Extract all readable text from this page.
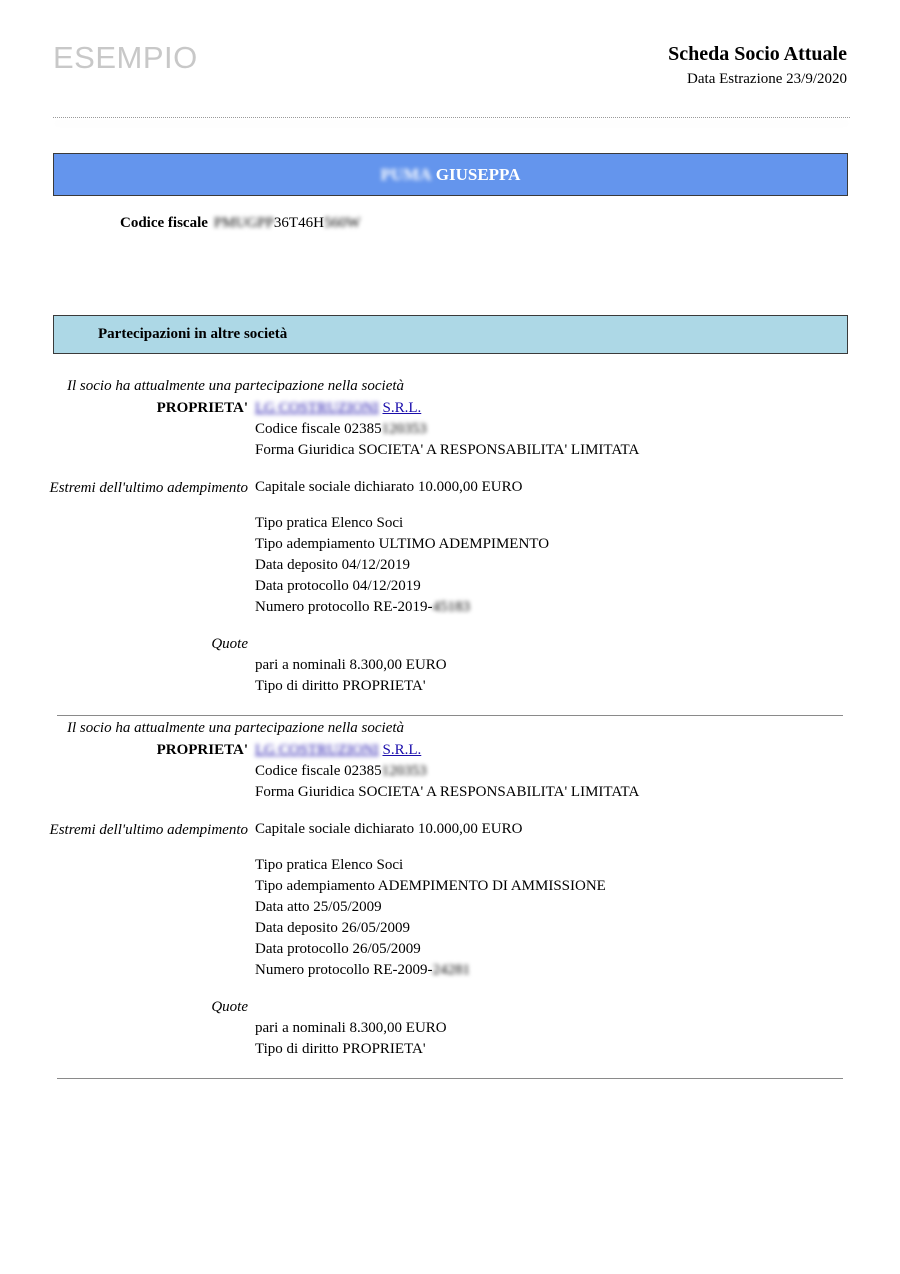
ESEMPIO	Scheda Socio Attuale
Data Estrazione 23/9/2020
PUMA
GIUSEPPA
Codice fiscale PMUGPP36T46H560W
Partecipazioni in altre società
Il socio ha attualmente una partecipazione nella società
PROPRIETA' LG COSTRUZIONI S.R.L.
Codice fiscale 02385120353
Forma Giuridica SOCIETA' A RESPONSABILITA' LIMITATA
Estremi dell'ultimo adempimento Capitale sociale dichiarato 10.000,00 EURO
Tipo pratica Elenco Soci
Tipo adempiamento ULTIMO ADEMPIMENTO
Data deposito 04/12/2019
Data protocollo 04/12/2019
Numero protocollo RE-2019-45183
Quote
pari a nominali 8.300,00 EURO
Tipo di diritto PROPRIETA'
Il socio ha attualmente una partecipazione nella società
PROPRIETA' LG COSTRUZIONI S.R.L.
Codice fiscale 02385120353
Forma Giuridica SOCIETA' A RESPONSABILITA' LIMITATA
Estremi dell'ultimo adempimento Capitale sociale dichiarato 10.000,00 EURO
Tipo pratica Elenco Soci
Tipo adempiamento ADEMPIMENTO DI AMMISSIONE
Data atto 25/05/2009
Data deposito 26/05/2009
Data protocollo 26/05/2009
Numero protocollo RE-2009-24281
Quote
pari a nominali 8.300,00 EURO
Tipo di diritto PROPRIETA'
